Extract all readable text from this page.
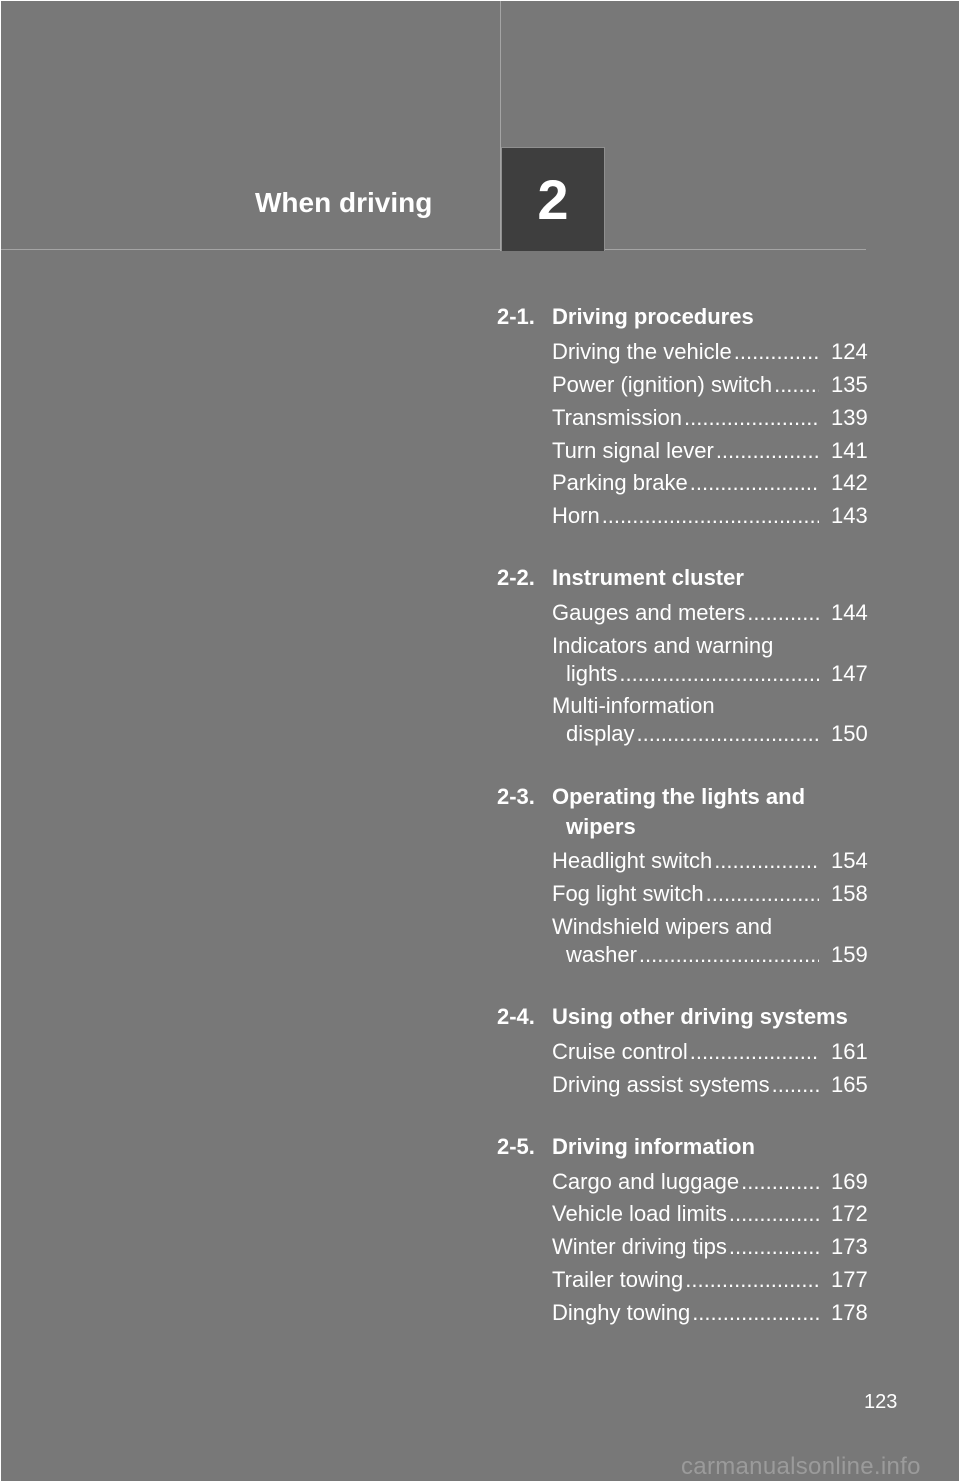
When driving 2
2-1. Driving procedures
Driving the vehicle .....	124
Power (ignition) switch .....	135
Transmission .....	139
Turn signal lever .....	141
Parking brake .....	142
Horn .....	143
2-2. Instrument cluster
Gauges and meters .....	144
Indicators and warning
lights .....	147
Multi-information
display .....	150
2-3. Operating the lights and
wipers
Headlight switch .....	154
Fog light switch .....	158
Windshield wipers and
washer .....	159
2-4. Using other driving systems
Cruise control .....	161
Driving assist systems .....	165
2-5. Driving information
Cargo and luggage .....	169
Vehicle load limits .....	172
Winter driving tips .....	173
Trailer towing .....	177
Dinghy towing .....	178
123
carmanualsonline.info
